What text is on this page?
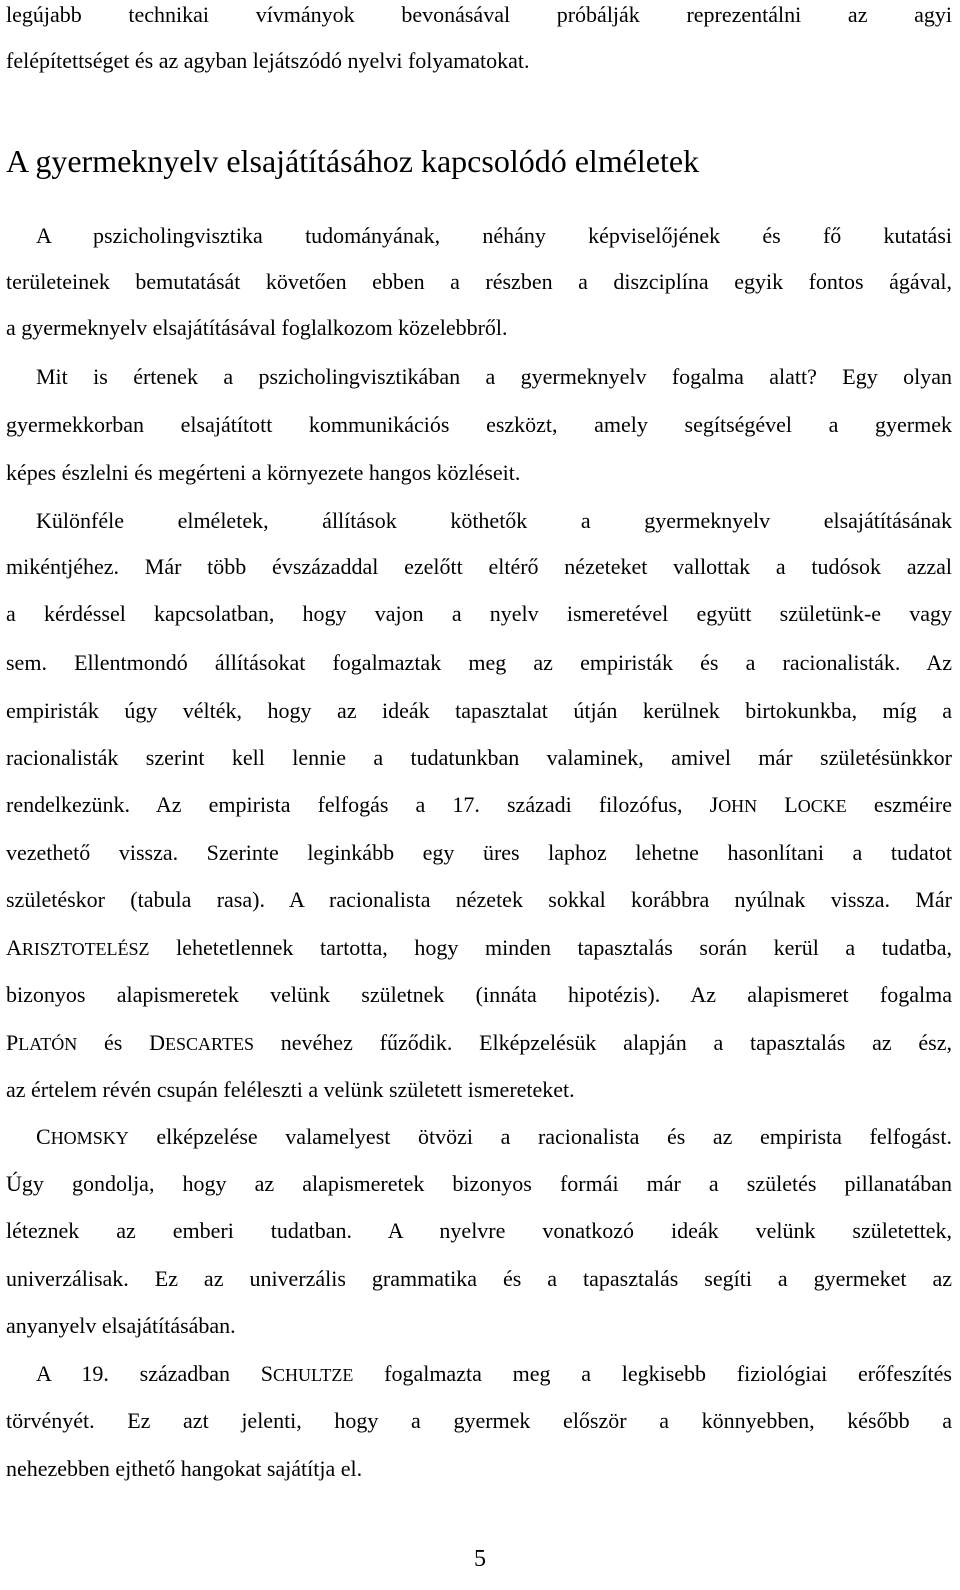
legújabb technikai vívmányok bevonásával próbálják reprezentálni az agyi
felépítettséget és az agyban lejátszódó nyelvi folyamatokat.
A gyermeknyelv elsajátításához kapcsolódó elméletek
A pszicholingvisztika tudományának, néhány képviselőjének és fő kutatási
területeinek bemutatását követően ebben a részben a diszciplína egyik fontos ágával,
a gyermeknyelv elsajátításával foglalkozom közelebbről.
Mit is értenek a pszicholingvisztikában a gyermeknyelv fogalma alatt? Egy olyan
gyermekkorban elsajátított kommunikációs eszközt, amely segítségével a gyermek
képes észlelni és megérteni a környezete hangos közléseit.
Különféle elméletek, állítások köthetők a gyermeknyelv elsajátításának
mikéntjéhez. Már több évszázaddal ezelőtt eltérő nézeteket vallottak a tudósok azzal
a kérdéssel kapcsolatban, hogy vajon a nyelv ismeretével együtt születünk-e vagy
sem. Ellentmondó állításokat fogalmaztak meg az empiristák és a racionalisták. Az
empiristák úgy vélték, hogy az ideák tapasztalat útján kerülnek birtokunkba, míg a
racionalisták szerint kell lennie a tudatunkban valaminek, amivel már születésünkkor
rendelkezünk. Az empirista felfogás a 17. századi filozófus, JOHN LOCKE eszméire
vezethető vissza. Szerinte leginkább egy üres laphoz lehetne hasonlítani a tudatot
születéskor (tabula rasa). A racionalista nézetek sokkal korábbra nyúlnak vissza. Már
ARISZTOTELÉSZ lehetetlennek tartotta, hogy minden tapasztalás során kerül a tudatba,
bizonyos alapismeretek velünk születnek (innáta hipotézis). Az alapismeret fogalma
PLATÓN és DESCARTES nevéhez fűződik. Elképzelésük alapján a tapasztalás az ész,
az értelem révén csupán feléleszti a velünk született ismereteket.
CHOMSKY elképzelése valamelyest ötvözi a racionalista és az empirista felfogást.
Úgy gondolja, hogy az alapismeretek bizonyos formái már a születés pillanatában
léteznek az emberi tudatban. A nyelvre vonatkozó ideák velünk születettek,
univerzálisak. Ez az univerzális grammatika és a tapasztalás segíti a gyermeket az
anyanyelv elsajátításában.
A 19. században SCHULTZE fogalmazta meg a legkisebb fiziológiai erőfeszítés
törvényét. Ez azt jelenti, hogy a gyermek először a könnyebben, később a
nehezebben ejthető hangokat sajátítja el.
5
